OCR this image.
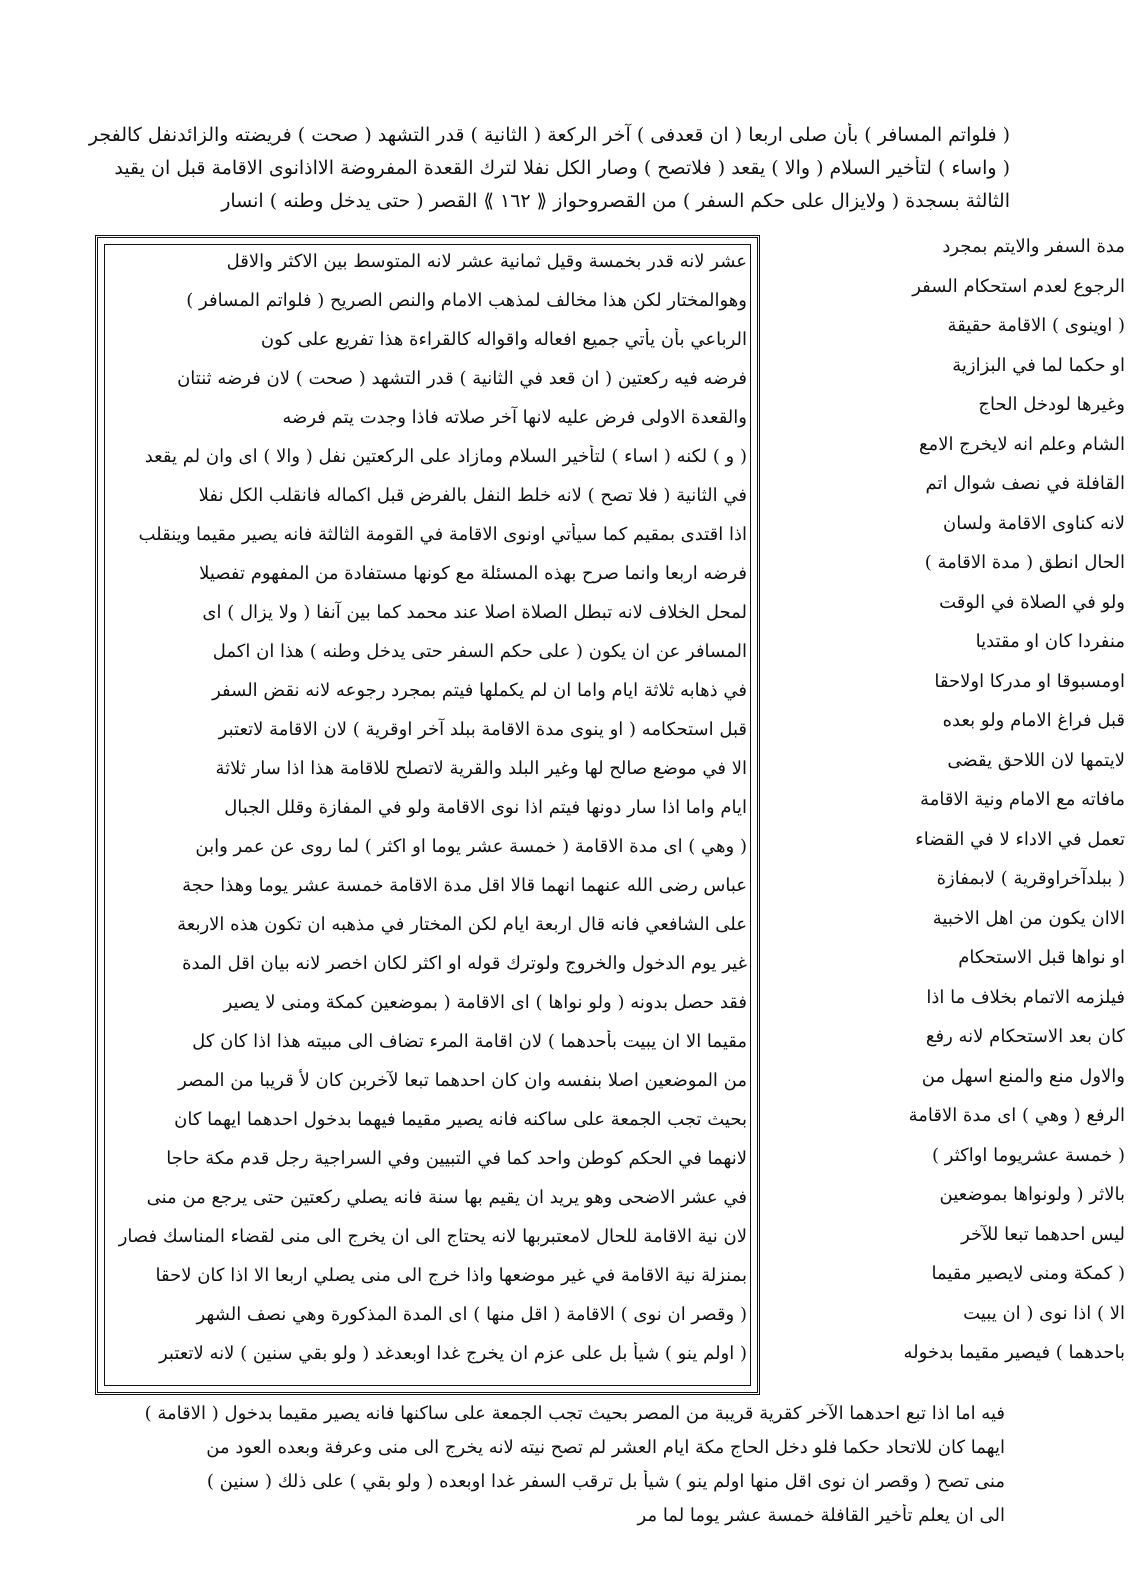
( فلواتم المسافر ) بأن صلى اربعا ( ان قعدفى ) آخر الركعة ( الثانية ) قدر التشهد ( صحت ) فريضته والزائدنفل كالفجر
( واساء ) لتأخير السلام ( والا ) يقعد ( فلاتصح ) وصار الكل نفلا لترك القعدة المفروضة الااذانوى الاقامة قبل ان يقيد
الثالثة بسجدة ( ولايزال على حكم السفر ) من القصروحواز ⟪ ١٦٢ ⟫ القصر ( حتى يدخل وطنه ) انسار
مدة السفر والايتم بمجرد
الرجوع لعدم استحكام السفر
( اوينوى ) الاقامة حقيقة
او حكما لما في البزازية
وغيرها لودخل الحاج
الشام وعلم انه لايخرج الامع
القافلة في نصف شوال اتم
لانه كناوى الاقامة ولسان
الحال انطق ( مدة الاقامة )
ولو في الصلاة في الوقت
منفردا كان او مقتديا
اومسبوقا او مدركا اولاحقا
قبل فراغ الامام ولو بعده
لايتمها لان اللاحق يقضى
مافاته مع الامام ونية الاقامة
تعمل في الاداء لا في القضاء
( ببلدآخراوقرية ) لابمفازة
الاان يكون من اهل الاخبية
او نواها قبل الاستحكام
فيلزمه الاتمام بخلاف ما اذا
كان بعد الاستحكام لانه رفع
والاول منع والمنع اسهل من
الرفع ( وهي ) اى مدة الاقامة
( خمسة عشريوما اواكثر )
بالاثر ( ولونواها بموضعين
ليس احدهما تبعا للآخر
( كمكة ومنى لايصير مقيما
الا ) اذا نوى ( ان يبيت
باحدهما ) فيصير مقيما بدخوله
عشر لانه قدر بخمسة وقيل ثمانية عشر لانه المتوسط بين الاكثر والاقل
وهوالمختار لكن هذا مخالف لمذهب الامام والنص الصريح ( فلواتم المسافر )
الرباعي بأن يأتي جميع افعاله واقواله كالقراءة هذا تفريع على كون
فرضه فيه ركعتين ( ان قعد في الثانية ) قدر التشهد ( صحت ) لان فرضه ثنتان
والقعدة الاولى فرض عليه لانها آخر صلاته فاذا وجدت يتم فرضه
( و ) لكنه ( اساء ) لتأخير السلام ومازاد على الركعتين نفل ( والا ) اى وان لم يقعد
في الثانية ( فلا تصح ) لانه خلط النفل بالفرض قبل اكماله فانقلب الكل نفلا
اذا اقتدى بمقيم كما سيأتي اونوى الاقامة في القومة الثالثة فانه يصير مقيما وينقلب
فرضه اربعا وانما صرح بهذه المسئلة مع كونها مستفادة من المفهوم تفصيلا
لمحل الخلاف لانه تبطل الصلاة اصلا عند محمد كما بين آنفا ( ولا يزال ) اى
المسافر عن ان يكون ( على حكم السفر حتى يدخل وطنه ) هذا ان اكمل
في ذهابه ثلاثة ايام واما ان لم يكملها فيتم بمجرد رجوعه لانه نقض السفر
قبل استحكامه ( او ينوى مدة الاقامة ببلد آخر اوقرية ) لان الاقامة لاتعتبر
الا في موضع صالح لها وغير البلد والقرية لاتصلح للاقامة هذا اذا سار ثلاثة
ايام واما اذا سار دونها فيتم اذا نوى الاقامة ولو في المفازة وقلل الجبال
( وهي ) اى مدة الاقامة ( خمسة عشر يوما او اكثر ) لما روى عن عمر وابن
عباس رضى الله عنهما انهما قالا اقل مدة الاقامة خمسة عشر يوما وهذا حجة
على الشافعي فانه قال اربعة ايام لكن المختار في مذهبه ان تكون هذه الاربعة
غير يوم الدخول والخروج ولوترك قوله او اكثر لكان اخصر لانه بيان اقل المدة
فقد حصل بدونه ( ولو نواها ) اى الاقامة ( بموضعين كمكة ومنى لا يصير
مقيما الا ان يبيت بأحدهما ) لان اقامة المرء تضاف الى مبيته هذا اذا كان كل
من الموضعين اصلا بنفسه وان كان احدهما تبعا لآخربن كان لأ قريبا من المصر
بحيث تجب الجمعة على ساكنه فانه يصير مقيما فيهما بدخول احدهما ايهما كان
لانهما في الحكم كوطن واحد كما في التبيين وفي السراجية رجل قدم مكة حاجا
في عشر الاضحى وهو يريد ان يقيم بها سنة فانه يصلي ركعتين حتى يرجع من منى
لان نية الاقامة للحال لامعتبربها لانه يحتاج الى ان يخرج الى منى لقضاء المناسك فصار
بمنزلة نية الاقامة في غير موضعها واذا خرج الى منى يصلي اربعا الا اذا كان لاحقا
( وقصر ان نوى ) الاقامة ( اقل منها ) اى المدة المذكورة وهي نصف الشهر
( اولم ينو ) شيأ بل على عزم ان يخرج غدا اوبعدغد ( ولو بقي سنين ) لانه لاتعتبر
فيه اما اذا تبع احدهما الآخر كقرية قريبة من المصر بحيث تجب الجمعة على ساكنها فانه يصير مقيما بدخول ( الاقامة )
ايهما كان للاتحاد حكما فلو دخل الحاج مكة ايام العشر لم تصح نيته لانه يخرج الى منى وعرفة وبعده العود من
منى تصح ( وقصر ان نوى اقل منها اولم ينو ) شيأ بل ترقب السفر غدا اوبعده ( ولو بقي ) على ذلك ( سنين )
الى ان يعلم تأخير القافلة خمسة عشر يوما لما مر
